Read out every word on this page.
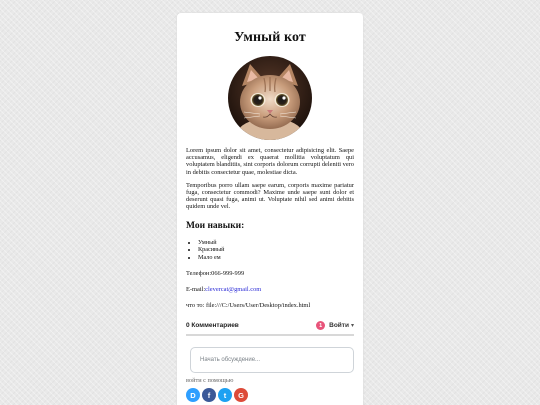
Умный кот

Lorem ipsum dolor sit amet, consectetur adipisicing elit. Saepe accusamus, eligendi ex quaerat mollitia voluptatum qui voluptatem blanditiis, sint corporis dolorum corrupti deleniti vero in debitis consectetur quae, molestiae dicta.

Temporibus porro ullam saepe earum, corporis maxime pariatur fuga, consectetur commodi? Maxime unde saepe sunt dolor et deserunt quasi fuga, animi ut. Voluptate nihil sed animi debitis quidem unde vel.

Мои навыки:
• Умный
• Красивый
• Мало ем
Телефон:066-999-999
E-mail:clevercat@gmail.com
что то: file:///C:/Users/User/Desktop/index.html
0 Комментариев	1	Войти ▾
Начать обсуждение...
войти с помощью
D	f	t	G
